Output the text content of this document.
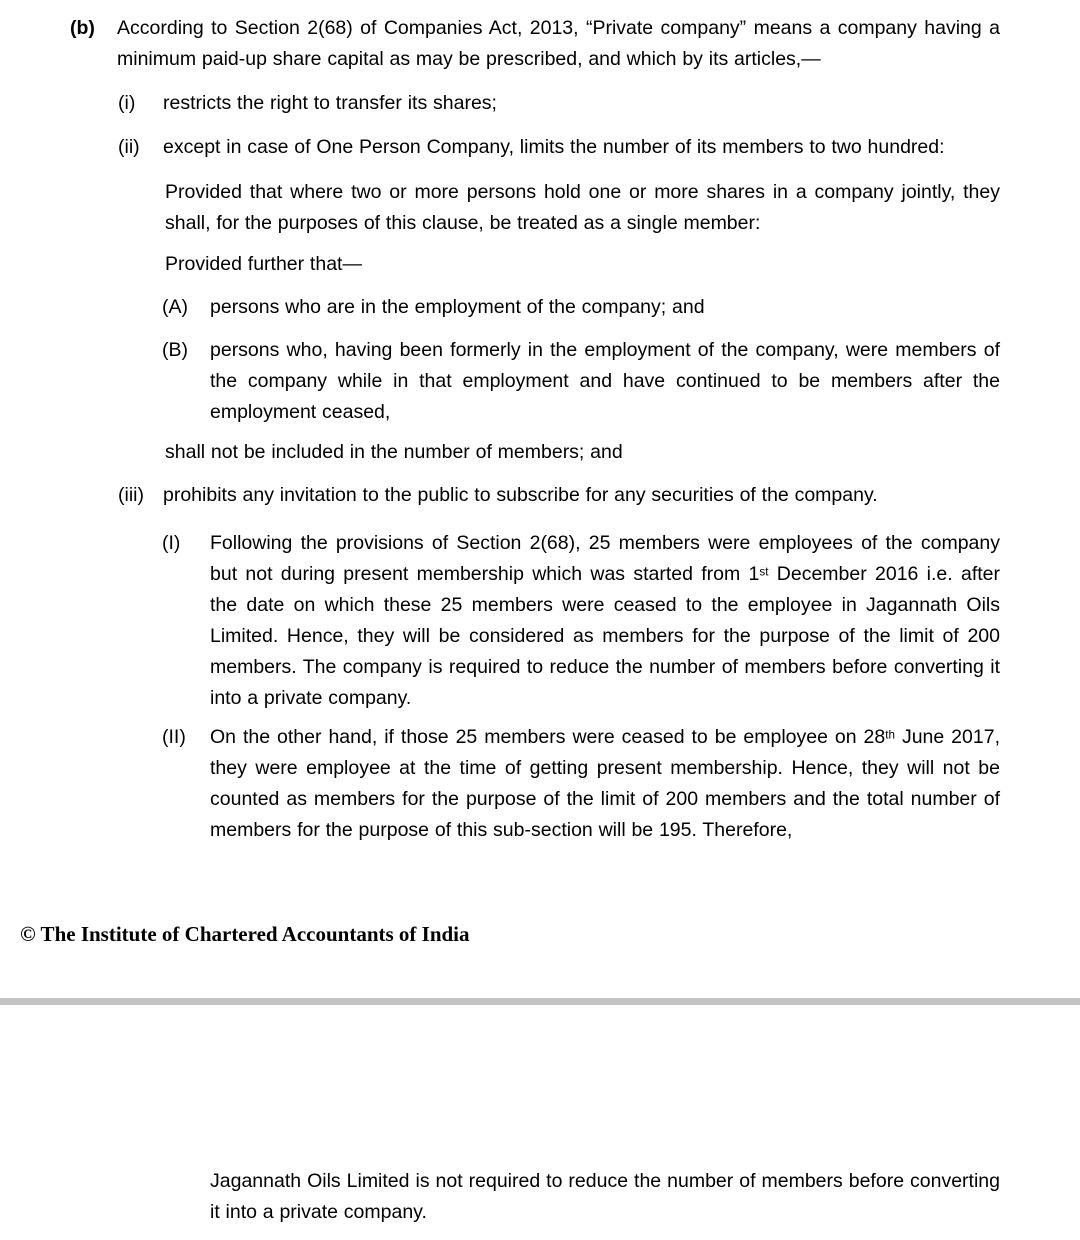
(b) According to Section 2(68) of Companies Act, 2013, “Private company” means a company having a minimum paid-up share capital as may be prescribed, and which by its articles,—
(i) restricts the right to transfer its shares;
(ii) except in case of One Person Company, limits the number of its members to two hundred:
Provided that where two or more persons hold one or more shares in a company jointly, they shall, for the purposes of this clause, be treated as a single member:
Provided further that—
(A) persons who are in the employment of the company; and
(B) persons who, having been formerly in the employment of the company, were members of the company while in that employment and have continued to be members after the employment ceased,
shall not be included in the number of members; and
(iii) prohibits any invitation to the public to subscribe for any securities of the company.
(I) Following the provisions of Section 2(68), 25 members were employees of the company but not during present membership which was started from 1st December 2016 i.e. after the date on which these 25 members were ceased to the employee in Jagannath Oils Limited. Hence, they will be considered as members for the purpose of the limit of 200 members. The company is required to reduce the number of members before converting it into a private company.
(II) On the other hand, if those 25 members were ceased to be employee on 28th June 2017, they were employee at the time of getting present membership. Hence, they will not be counted as members for the purpose of the limit of 200 members and the total number of members for the purpose of this sub-section will be 195. Therefore,
© The Institute of Chartered Accountants of India
Jagannath Oils Limited is not required to reduce the number of members before converting it into a private company.
